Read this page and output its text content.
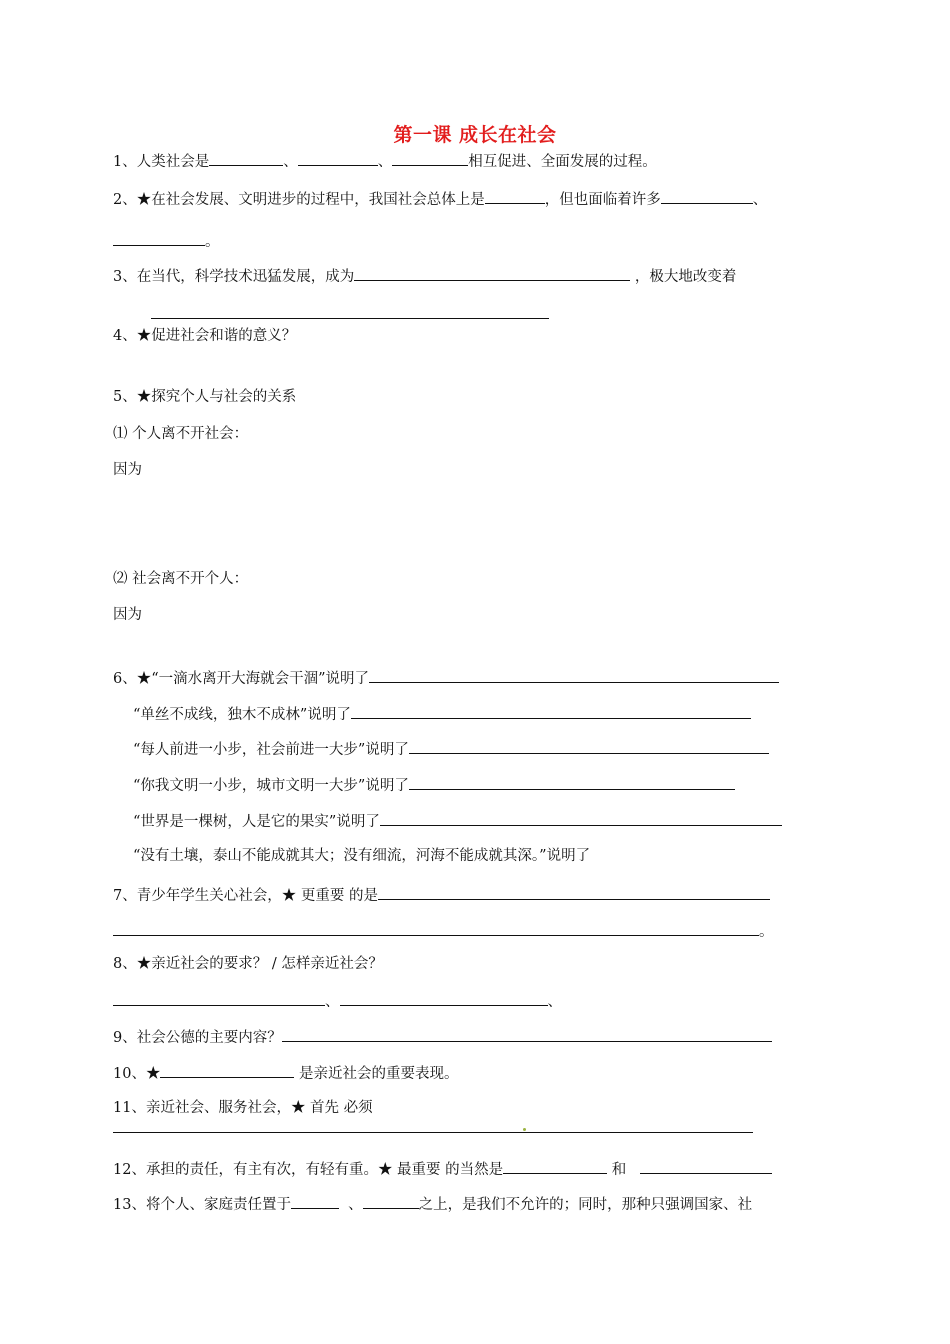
第一课 成长在社会
1、人类社会是	、	、	相互促进、全面发展的过程。
2、★在社会发展、文明进步的过程中，我国社会总体上是	，但也面临着许多	、
。
3、在当代，科学技术迅猛发展，成为	，极大地改变着
4、★促进社会和谐的意义？
5、★探究个人与社会的关系
⑴ 个人离不开社会：
因为
⑵ 社会离不开个人：
因为
6、★“一滴水离开大海就会干涸”说明了
“单丝不成线，独木不成林”说明了
“每人前进一小步，社会前进一大步”说明了
“你我文明一小步，城市文明一大步”说明了
“世界是一棵树，人是它的果实”说明了
“没有土壤，泰山不能成就其大；没有细流，河海不能成就其深。”说明了
7、青少年学生关心社会，★ 更重要 的是
。
8、★亲近社会的要求？ / 怎样亲近社会？
、	、
9、社会公德的主要内容？
10、★	是亲近社会的重要表现。
11、亲近社会、服务社会，★ 首先 必须
12、承担的责任，有主有次，有轻有重。★ 最重要 的当然是	和
13、将个人、家庭责任置于	、	之上，是我们不允许的；同时，那种只强调国家、社
